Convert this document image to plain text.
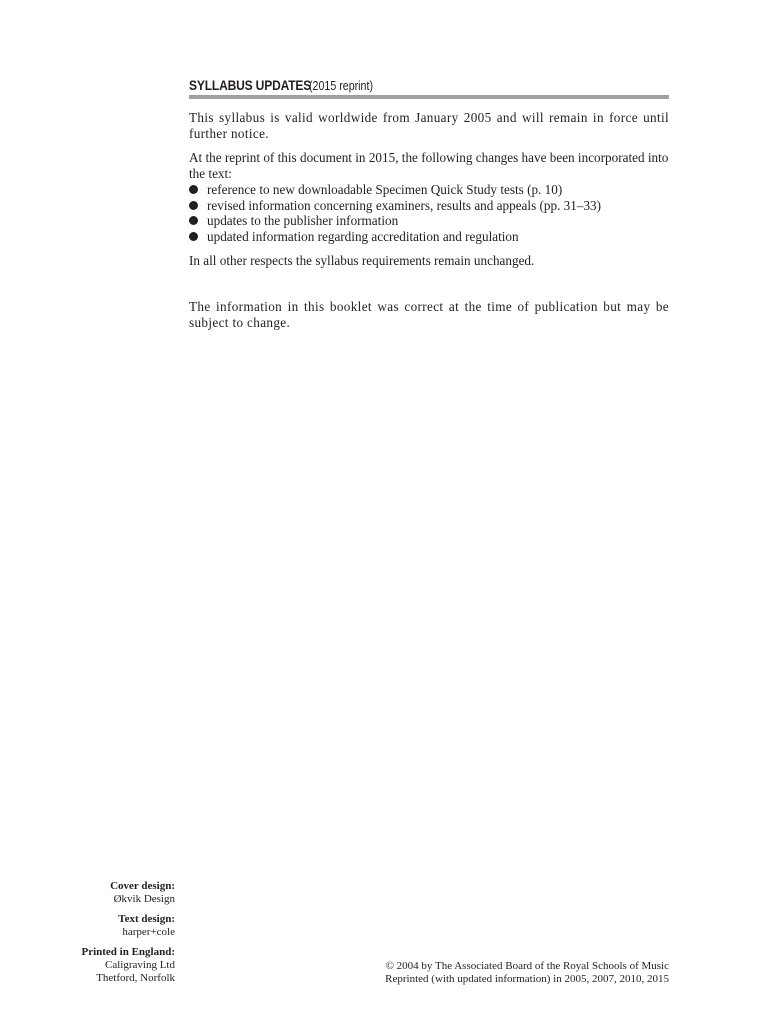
SYLLABUS UPDATES
(2015 reprint)

This syllabus is valid worldwide from January 2005 and will remain in force until further notice.

At the reprint of this document in 2015, the following changes have been incorporated into the text:

reference to new downloadable Specimen Quick Study tests (p. 10)
revised information concerning examiners, results and appeals (pp. 31–33)
updates to the publisher information
updated information regarding accreditation and regulation

In all other respects the syllabus requirements remain unchanged.

The information in this booklet was correct at the time of publication but may be subject to change.

Cover design:
Økvik Design
Text design:
harper+cole
Printed in England:
Caligraving Ltd
Thetford, Norfolk
© 2004 by The Associated Board of the Royal Schools of Music
Reprinted (with updated information) in 2005, 2007, 2010, 2015
